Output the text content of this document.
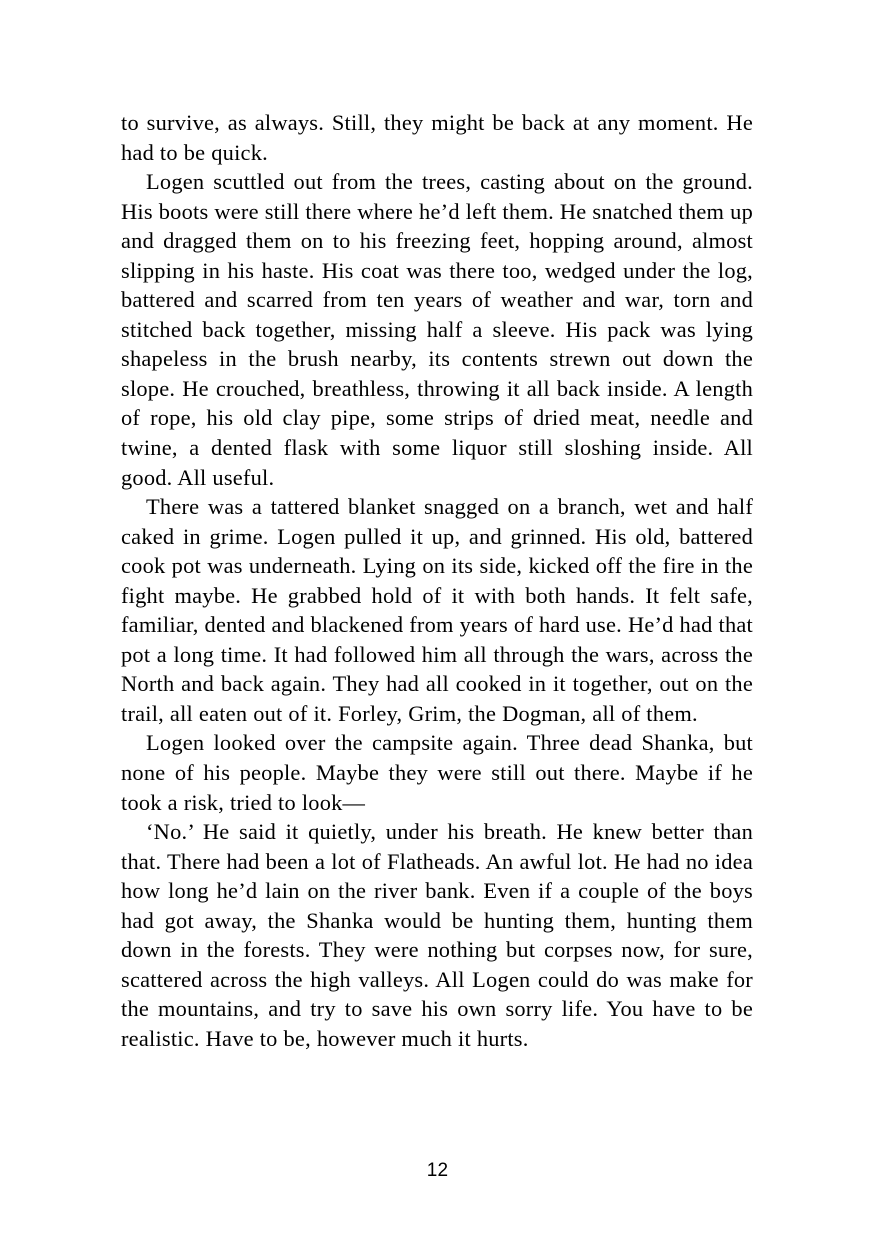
to survive, as always. Still, they might be back at any moment. He had to be quick.

Logen scuttled out from the trees, casting about on the ground. His boots were still there where he’d left them. He snatched them up and dragged them on to his freezing feet, hopping around, almost slipping in his haste. His coat was there too, wedged under the log, battered and scarred from ten years of weather and war, torn and stitched back together, missing half a sleeve. His pack was lying shapeless in the brush nearby, its contents strewn out down the slope. He crouched, breathless, throwing it all back inside. A length of rope, his old clay pipe, some strips of dried meat, needle and twine, a dented flask with some liquor still sloshing inside. All good. All useful.

There was a tattered blanket snagged on a branch, wet and half caked in grime. Logen pulled it up, and grinned. His old, battered cook pot was underneath. Lying on its side, kicked off the fire in the fight maybe. He grabbed hold of it with both hands. It felt safe, familiar, dented and blackened from years of hard use. He’d had that pot a long time. It had followed him all through the wars, across the North and back again. They had all cooked in it together, out on the trail, all eaten out of it. Forley, Grim, the Dogman, all of them.

Logen looked over the campsite again. Three dead Shanka, but none of his people. Maybe they were still out there. Maybe if he took a risk, tried to look—

‘No.’ He said it quietly, under his breath. He knew better than that. There had been a lot of Flatheads. An awful lot. He had no idea how long he’d lain on the river bank. Even if a couple of the boys had got away, the Shanka would be hunting them, hunting them down in the forests. They were nothing but corpses now, for sure, scattered across the high valleys. All Logen could do was make for the mountains, and try to save his own sorry life. You have to be realistic. Have to be, however much it hurts.

12
